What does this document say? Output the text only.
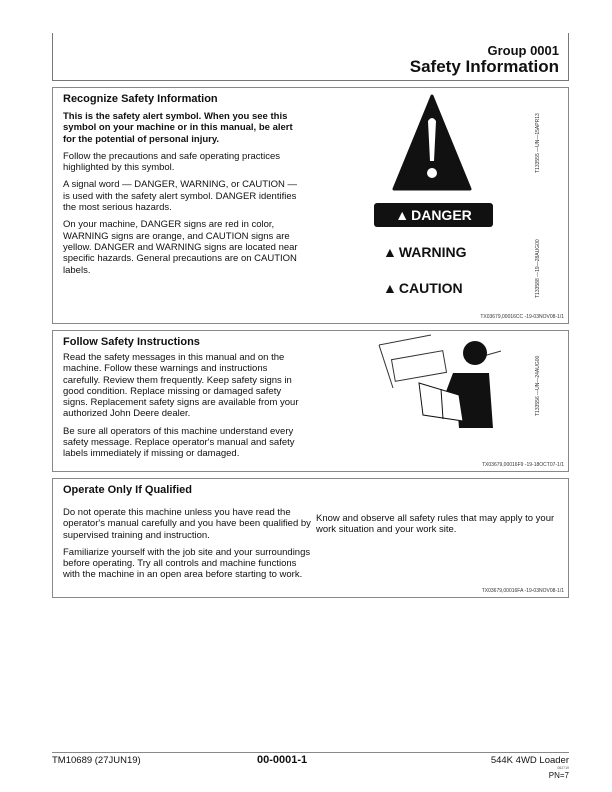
Group 0001
Safety Information
Recognize Safety Information

This is the safety alert symbol. When you see this symbol on your machine or in this manual, be alert for the potential of personal injury.

Follow the precautions and safe operating practices highlighted by this symbol.

A signal word — DANGER, WARNING, or CAUTION — is used with the safety alert symbol. DANGER identifies the most serious hazards.

On your machine, DANGER signs are red in color, WARNING signs are orange, and CAUTION signs are yellow. DANGER and WARNING signs are located near specific hazards. General precautions are on CAUTION labels.

▲ DANGER
▲ WARNING
▲ CAUTION
T133555 —UN—15APR13
T133588 —19—28AUG00
TX03679,00016CC -19-03NOV08-1/1
Follow Safety Instructions

Read the safety messages in this manual and on the machine. Follow these warnings and instructions carefully. Review them frequently. Keep safety signs in good condition. Replace missing or damaged safety signs. Replacement safety signs are available from your authorized John Deere dealer.

Be sure all operators of this machine understand every safety message. Replace operator's manual and safety labels immediately if missing or damaged.

T133556 —UN—24AUG00
TX03679,00016F9 -19-18OCT07-1/1
Operate Only If Qualified

Do not operate this machine unless you have read the operator's manual carefully and you have been qualified by supervised training and instruction.

Familiarize yourself with the job site and your surroundings before operating. Try all controls and machine functions with the machine in an open area before starting to work.

Know and observe all safety rules that may apply to your work situation and your work site.

TX03679,00016FA -19-03NOV08-1/1
TM10689 (27JUN19)	00-0001-1	544K 4WD Loader
062719
PN=7
